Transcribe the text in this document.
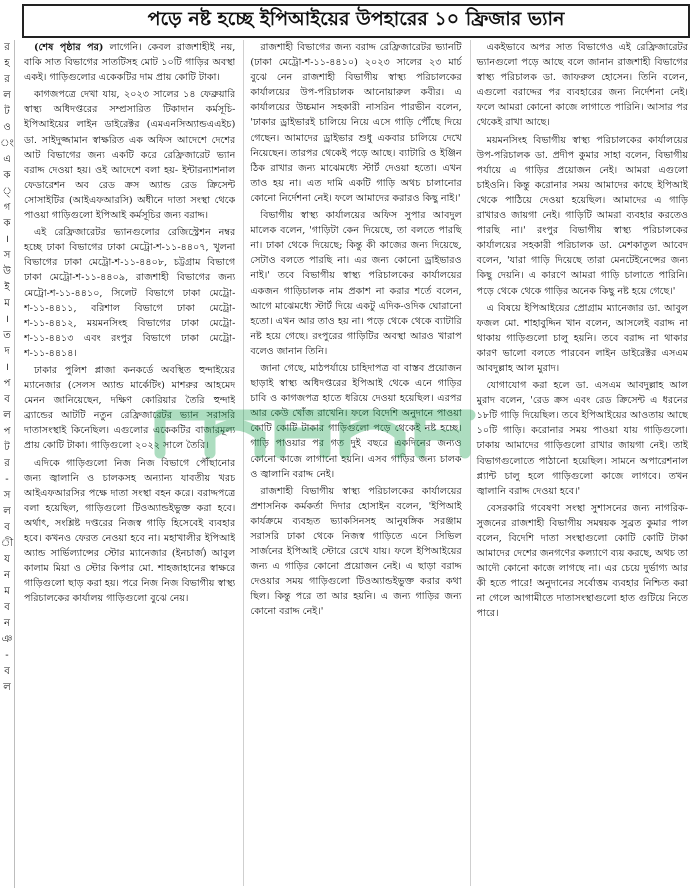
র
হ
র
ল
ট
ও
ং
এ
ক
্
গ
ক
।
স
উ
ই
ম
।
ত
দ
।
প
ব
ল
প
ট
র
-
স
ল
ব
ী
য
ন
ম
ব
ন
ঞ
-
ব
ল
পড়ে নষ্ট হচ্ছে ইপিআইয়ের উপহারের ১০ ফ্রিজার ভ্যান

(শেষ পৃষ্ঠার পর) লাগেনি। কেবল রাজশাহীই নয়, বাকি সাত বিভাগের সাতটিসহ মোট ১০টি গাড়ির অবস্থা একই। গাড়িগুলোর একেকটির দাম প্রায় কোটি টাকা।

কাগজপত্রে দেখা যায়, ২০২৩ সালের ১৪ ফেব্রুয়ারি স্বাস্থ্য অধিদপ্তরের সম্প্রসারিত টিকাদান কর্মসূচি-ইপিআইয়ের লাইন ডাইরেক্টর (এমএনসিঅ্যান্ডএএইচ) ডা. সাইদুজ্জামান স্বাক্ষরিত এক অফিস আদেশে দেশের আট বিভাগের জন্য একটি করে রেফ্রিজারেট ভ্যান বরাদ্দ দেওয়া হয়। ওই আদেশে বলা হয়- ইন্টারন্যাশনাল ফেডারেশন অব রেড ক্রস অ্যান্ড রেড ক্রিসেন্ট সোসাইটির (আইএফআরসি) অধীনে দাতা সংস্থা থেকে পাওয়া গাড়িগুলো ইপিআই কর্মসূচির জন্য বরাদ্দ।

এই রেফ্রিজারেটর ভ্যানগুলোর রেজিস্ট্রেশন নম্বর হচ্ছে ঢাকা বিভাগের ঢাকা মেট্রো-শ-১১-৪৪০৭, খুলনা বিভাগের ঢাকা মেট্রো-শ-১১-৪৪০৮, চট্টগ্রাম বিভাগে ঢাকা মেট্রো-শ-১১-৪৪০৯, রাজশাহী বিভাগের জন্য মেট্রো-শ-১১-৪৪১০, সিলেট বিভাগে ঢাকা মেট্রো-শ-১১-৪৪১১, বরিশাল বিভাগে ঢাকা মেট্রো-শ-১১-৪৪১২, ময়মনসিংহ বিভাগের ঢাকা মেট্রো-শ-১১-৪৪১৩ এবং রংপুর বিভাগে ঢাকা মেট্রো-শ-১১-৪৪১৪।

ঢাকার পুলিশ প্লাজা কনকর্ডে অবস্থিত হুন্দাইয়ের ম্যানেজার (সেলস অ্যান্ড মার্কেটিং) মাশরুর আহমেদ মেনন জানিয়েছেন, দক্ষিণ কোরিয়ার তৈরি হুন্দাই ব্র্যান্ডের আটটি নতুন রেফ্রিজারেটর ভ্যান সরাসরি দাতাসংস্থাই কিনেছিল। এগুলোর একেকটির বাজারমূল্য প্রায় কোটি টাকা। গাড়িগুলো ২০২২ সালে তৈরি।

এদিকে গাড়িগুলো নিজ নিজ বিভাগে পৌঁছানোর জন্য জ্বালানি ও চালকসহ অন্যান্য যাবতীয় খরচ আইএফআরসির পক্ষে দাতা সংস্থা বহন করে। বরাদ্দপত্রে বলা হয়েছিল, গাড়িগুলো টিওঅ্যান্ডইভুক্ত করা হবে। অর্থাৎ, সংশ্লিষ্ট দপ্তরের নিজস্ব গাড়ি হিসেবেই ব্যবহার হবে। কখনও ফেরত নেওয়া হবে না। মহাখালীর ইপিআই অ্যান্ড সার্ভিল্যান্সের স্টোর ম্যানেজার (ইনচার্জ) আবুল কালাম মিয়া ও স্টোর কিপার মো. শাহজাহানের স্বাক্ষরে গাড়িগুলো ছাড় করা হয়। পরে নিজ নিজ বিভাগীয় স্বাস্থ্য পরিচালকের কার্যালয় গাড়িগুলো বুঝে নেয়।

রাজশাহী বিভাগের জন্য বরাদ্দ রেফ্রিজারেটর ভ্যানটি (ঢাকা মেট্রো-শ-১১-৪৪১০) ২০২৩ সালের ২৩ মার্চ বুঝে নেন রাজশাহী বিভাগীয় স্বাস্থ্য পরিচালকের কার্যালয়ের উপ-পরিচালক আনোয়ারুল কবীর। এ কার্যালয়ের উচ্চমান সহকারী নাসরিন পারভীন বলেন, 'ঢাকার ড্রাইভারই চালিয়ে নিয়ে এসে গাড়ি পৌঁছে দিয়ে গেছেন। আমাদের ড্রাইভার শুধু একবার চালিয়ে দেখে নিয়েছেন। তারপর থেকেই পড়ে আছে। ব্যাটারি ও ইঞ্জিন ঠিক রাখার জন্য মাঝেমধ্যে স্টার্ট দেওয়া হতো। এখন তাও হয় না। এত দামি একটি গাড়ি অথচ চালানোর কোনো নির্দেশনা নেই। ফলে আমাদের করারও কিছু নাই।'

বিভাগীয় স্বাস্থ্য কার্যালয়ের অফিস সুপার আবদুল মালেক বলেন, 'গাড়িটা কেন দিয়েছে, তা বলতে পারছি না। ঢাকা থেকে দিয়েছে; কিন্তু কী কাজের জন্য দিয়েছে, সেটাও বলতে পারছি না। এর জন্য কোনো ড্রাইভারও নাই।' তবে বিভাগীয় স্বাস্থ্য পরিচালকের কার্যালয়ের একজন গাড়িচালক নাম প্রকাশ না করার শর্তে বলেন, আগে মাঝেমধ্যে স্টার্ট দিয়ে একটু এদিক-ওদিক ঘোরানো হতো। এখন আর তাও হয় না। পড়ে থেকে থেকে ব্যাটারি নষ্ট হয়ে গেছে। রংপুরের গাড়িটির অবস্থা আরও খারাপ বলেও জানান তিনি।

জানা গেছে, মাঠপর্যায়ে চাহিদাপত্র বা বাস্তব প্রয়োজন ছাড়াই স্বাস্থ্য অধিদপ্তরের ইপিআই থেকে এনে গাড়ির চাবি ও কাগজপত্র হাতে ধরিয়ে দেওয়া হয়েছিল। এরপর আর কেউ খোঁজ রাখেনি। ফলে বিদেশি অনুদানে পাওয়া কোটি কোটি টাকার গাড়িগুলো পড়ে থেকেই নষ্ট হচ্ছে। গাড়ি পাওয়ার পর গত দুই বছরে একদিনের জন্যও কোনো কাজে লাগানো হয়নি। এসব গাড়ির জন্য চালক ও জ্বালানি বরাদ্দ নেই।

রাজশাহী বিভাগীয় স্বাস্থ্য পরিচালকের কার্যালয়ের প্রশাসনিক কর্মকর্তা দিদার হোসাইন বলেন, 'ইপিআই কার্যক্রমে ব্যবহৃত ভ্যাকসিনসহ আনুষঙ্গিক সরঞ্জাম সরাসরি ঢাকা থেকে নিজস্ব গাড়িতে এনে সিভিল সার্জনের ইপিআই স্টোরে রেখে যায়। ফলে ইপিআইয়ের জন্য এ গাড়ির কোনো প্রয়োজন নেই। এ ছাড়া বরাদ্দ দেওয়ার সময় গাড়িগুলো টিওঅ্যান্ডইভুক্ত করার কথা ছিল। কিন্তু পরে তা আর হয়নি। এ জন্য গাড়ির জন্য কোনো বরাদ্দ নেই।'

একইভাবে অপর সাত বিভাগেও এই রেফ্রিজারেটর ভ্যানগুলো পড়ে আছে বলে জানান রাজশাহী বিভাগের স্বাস্থ্য পরিচালক ডা. জাফরুল হোসেন। তিনি বলেন, এগুলো বরাদ্দের পর ব্যবহারের জন্য নির্দেশনা নেই। ফলে আমরা কোনো কাজে লাগাতে পারিনি। আসার পর থেকেই রাখা আছে।

ময়মনসিংহ বিভাগীয় স্বাস্থ্য পরিচালকের কার্যালয়ের উপ-পরিচালক ডা. প্রদীপ কুমার সাহা বলেন, বিভাগীয় পর্যায়ে এ গাড়ির প্রয়োজন নেই। আমরা এগুলো চাইওনি। কিন্তু করোনার সময় আমাদের কাছে ইপিআই থেকে পাঠিয়ে দেওয়া হয়েছিল। আমাদের এ গাড়ি রাখারও জায়গা নেই। গাড়িটি আমরা ব্যবহার করতেও পারছি না।' রংপুর বিভাগীয় স্বাস্থ্য পরিচালকের কার্যালয়ের সহকারী পরিচালক ডা. মেশকাতুল আবেদ বলেন, 'যারা গাড়ি দিয়েছে তারা মেনটেইনেন্সের জন্য কিছু দেয়নি। এ কারণে আমরা গাড়ি চালাতে পারিনি। পড়ে থেকে থেকে গাড়ির অনেক কিছু নষ্ট হয়ে গেছে।'

এ বিষয়ে ইপিআইয়ের প্রোগ্রাম ম্যানেজার ডা. আবুল ফজল মো. শাহাবুদ্দিন খান বলেন, আসলেই বরাদ্দ না থাকায় গাড়িগুলো চালু হয়নি। তবে বরাদ্দ না থাকার কারণ ভালো বলতে পারবেন লাইন ডাইরেক্টর এসএম আবদুল্লাহ আল মুরাদ।

যোগাযোগ করা হলে ডা. এসএম আবদুল্লাহ আল মুরাদ বলেন, 'রেড ক্রস এবং রেড ক্রিসেন্ট এ ধরনের ১৮টি গাড়ি দিয়েছিল। তবে ইপিআইয়ের আওতায় আছে ১০টি গাড়ি। করোনার সময় পাওয়া যায় গাড়িগুলো। ঢাকায় আমাদের গাড়িগুলো রাখার জায়গা নেই। তাই বিভাগগুলোতে পাঠানো হয়েছিল। সামনে অপারেশনাল প্ল্যান্ট চালু হলে গাড়িগুলো কাজে লাগবে। তখন জ্বালানি বরাদ্দ দেওয়া হবে।'

বেসরকারি গবেষণা সংস্থা সুশাসনের জন্য নাগরিক-সুজনের রাজশাহী বিভাগীয় সমন্বয়ক সুব্রত কুমার পাল বলেন, বিদেশি দাতা সংস্থাগুলো কোটি কোটি টাকা আমাদের দেশের জনগণের কল্যাণে ব্যয় করছে, অথচ তা আদৌ কোনো কাজে লাগছে না। এর চেয়ে দুর্ভাগ্য আর কী হতে পারে! অনুদানের সর্বোত্তম ব্যবহার নিশ্চিত করা না গেলে আগামীতে দাতাসংস্থাগুলো হাত গুটিয়ে নিতে পারে।
